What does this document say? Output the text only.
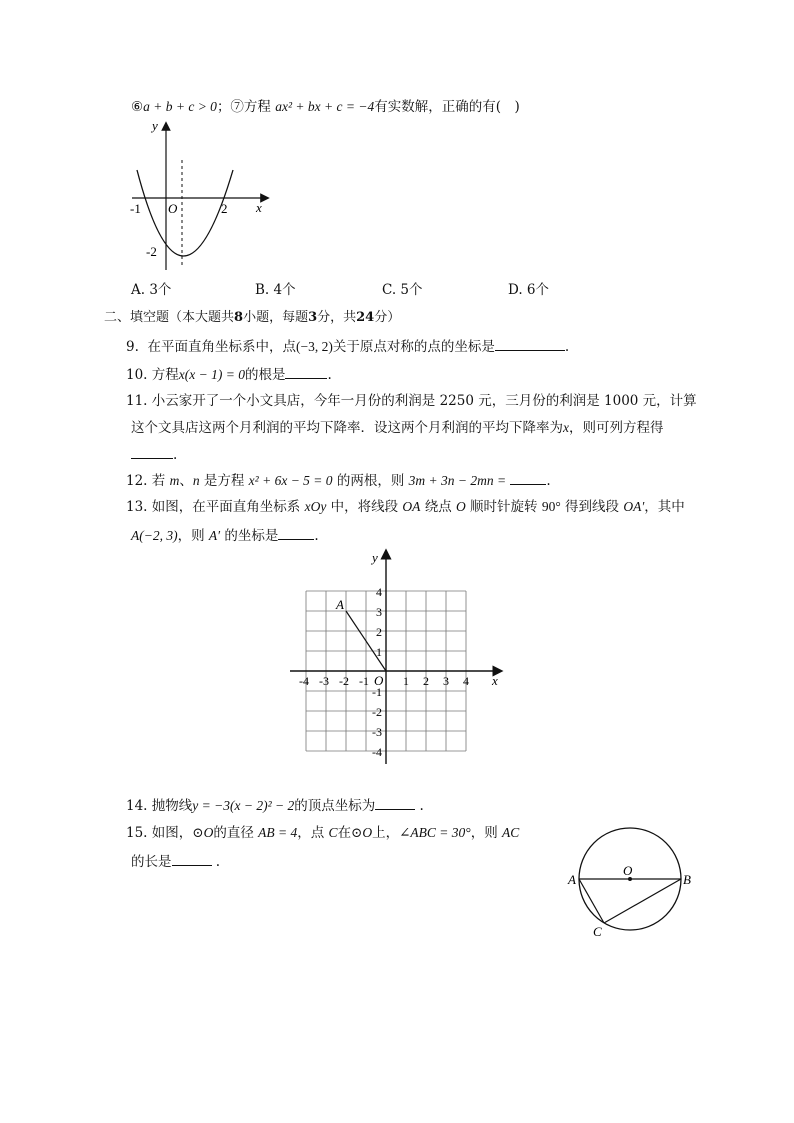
⑥a + b + c > 0；⑦方程 ax² + bx + c = −4有实数解，正确的有(　)
x
y
O
-1	2
-2
A. 3个	B. 4个	C. 5个	D. 6个
二、填空题（本大题共8小题，每题3分，共24分）
9. 在平面直角坐标系中，点(−3, 2)关于原点对称的点的坐标是	.
10. 方程x(x − 1) = 0的根是	.
11. 小云家开了一个小文具店，今年一月份的利润是 2250 元，三月份的利润是 1000 元，计算
这个文具店这两个月利润的平均下降率．设这两个月利润的平均下降率为x，则可列方程得
.
12. 若 m、n 是方程 x² + 6x − 5 = 0 的两根，则 3m + 3n − 2mn =	.
13. 如图，在平面直角坐标系 xOy 中，将线段 OA 绕点 O 顺时针旋转 90° 得到线段 OA′，其中
A(−2, 3)，则 A′ 的坐标是	.
A
y
x
O
-4 -3 -2 -1	1 2 3 4
4
3
2
1
-1
-2
-3
-4
14. 抛物线y = −3(x − 2)² − 2的顶点坐标为	.
15. 如图，⊙O的直径 AB = 4，点 C在⊙O上，∠ABC = 30°，则 AC
的长是	.
A	B
C
O
